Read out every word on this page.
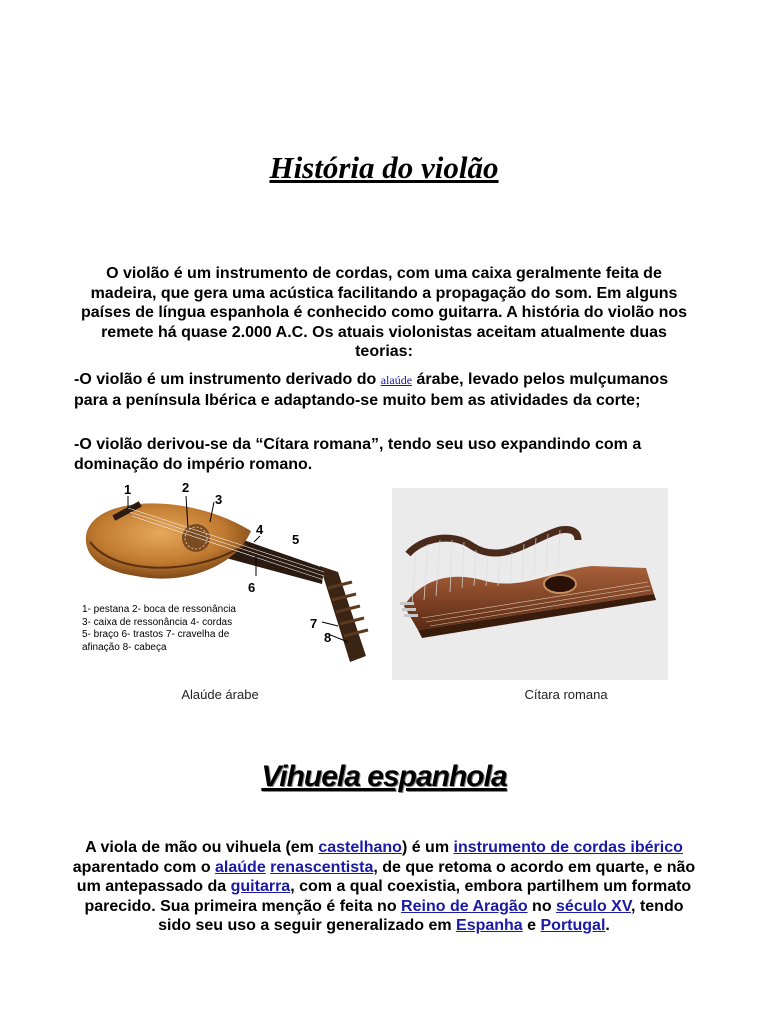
História do violão
O violão é um instrumento de cordas, com uma caixa geralmente feita de madeira, que gera uma acústica facilitando a propagação do som. Em alguns países de língua espanhola é conhecido como guitarra. A história do violão nos remete há quase 2.000 A.C. Os atuais violonistas aceitam atualmente duas teorias:
-O violão é um instrumento derivado do alaúde árabe, levado pelos mulçumanos para a península Ibérica e adaptando-se muito bem as atividades da corte;
-O violão derivou-se da “Cítara romana”, tendo seu uso expandindo com a dominação do império romano.
1	2
3
4
5
6
7
8
1- pestana 2- boca de ressonância
3- caixa de ressonância 4- cordas
5- braço 6- trastos 7- cravelha de
afinação 8- cabeça
Alaúde árabe	Cítara romana
Vihuela espanhola
A viola de mão ou vihuela (em castelhano) é um instrumento de cordas ibérico aparentado com o alaúde renascentista, de que retoma o acordo em quarte, e não um antepassado da guitarra, com a qual coexistia, embora partilhem um formato parecido. Sua primeira menção é feita no Reino de Aragão no século XV, tendo sido seu uso a seguir generalizado em Espanha e Portugal.
